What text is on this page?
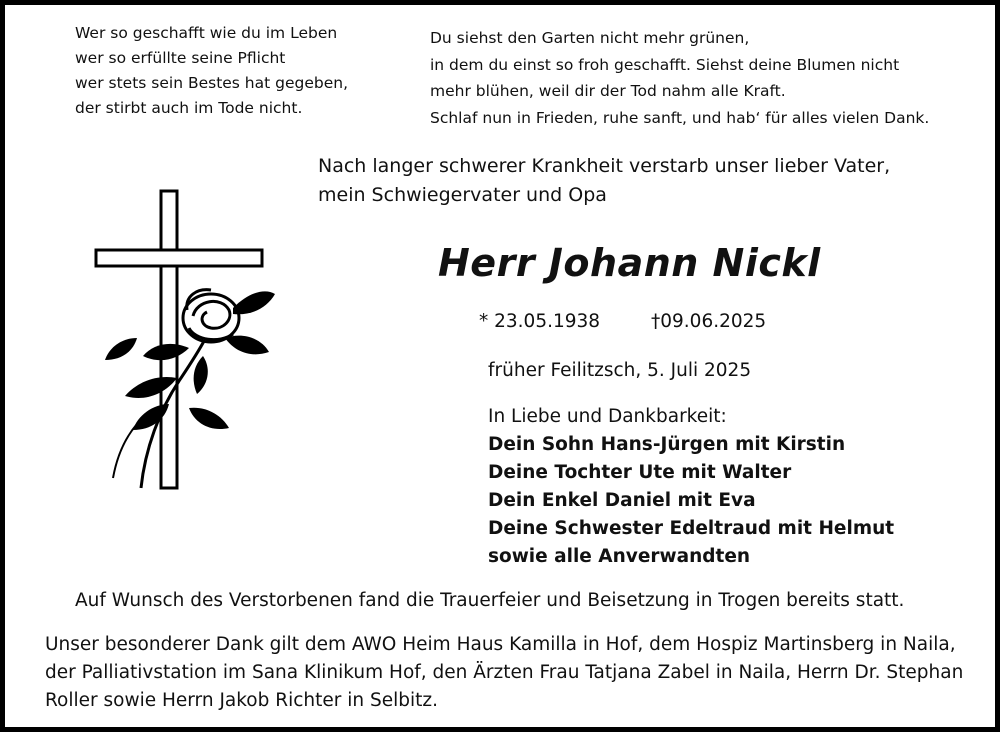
Wer so geschafft wie du im Leben
wer so erfüllte seine Pflicht
wer stets sein Bestes hat gegeben,
der stirbt auch im Tode nicht.
Du siehst den Garten nicht mehr grünen,
in dem du einst so froh geschafft. Siehst deine Blumen nicht
mehr blühen, weil dir der Tod nahm alle Kraft.
Schlaf nun in Frieden, ruhe sanft, und hab‘ für alles vielen Dank.
Nach langer schwerer Krankheit verstarb unser lieber Vater,
mein Schwiegervater und Opa
Herr Johann Nickl
* 23.05.1938	†09.06.2025
früher Feilitzsch, 5. Juli 2025
In Liebe und Dankbarkeit:
Dein Sohn Hans-Jürgen mit Kirstin
Deine Tochter Ute mit Walter
Dein Enkel Daniel mit Eva
Deine Schwester Edeltraud mit Helmut
sowie alle Anverwandten
Auf Wunsch des Verstorbenen fand die Trauerfeier und Beisetzung in Trogen bereits statt.
Unser besonderer Dank gilt dem AWO Heim Haus Kamilla in Hof, dem Hospiz Martinsberg in Naila,
der Palliativstation im Sana Klinikum Hof, den Ärzten Frau Tatjana Zabel in Naila, Herrn Dr. Stephan
Roller sowie Herrn Jakob Richter in Selbitz.
